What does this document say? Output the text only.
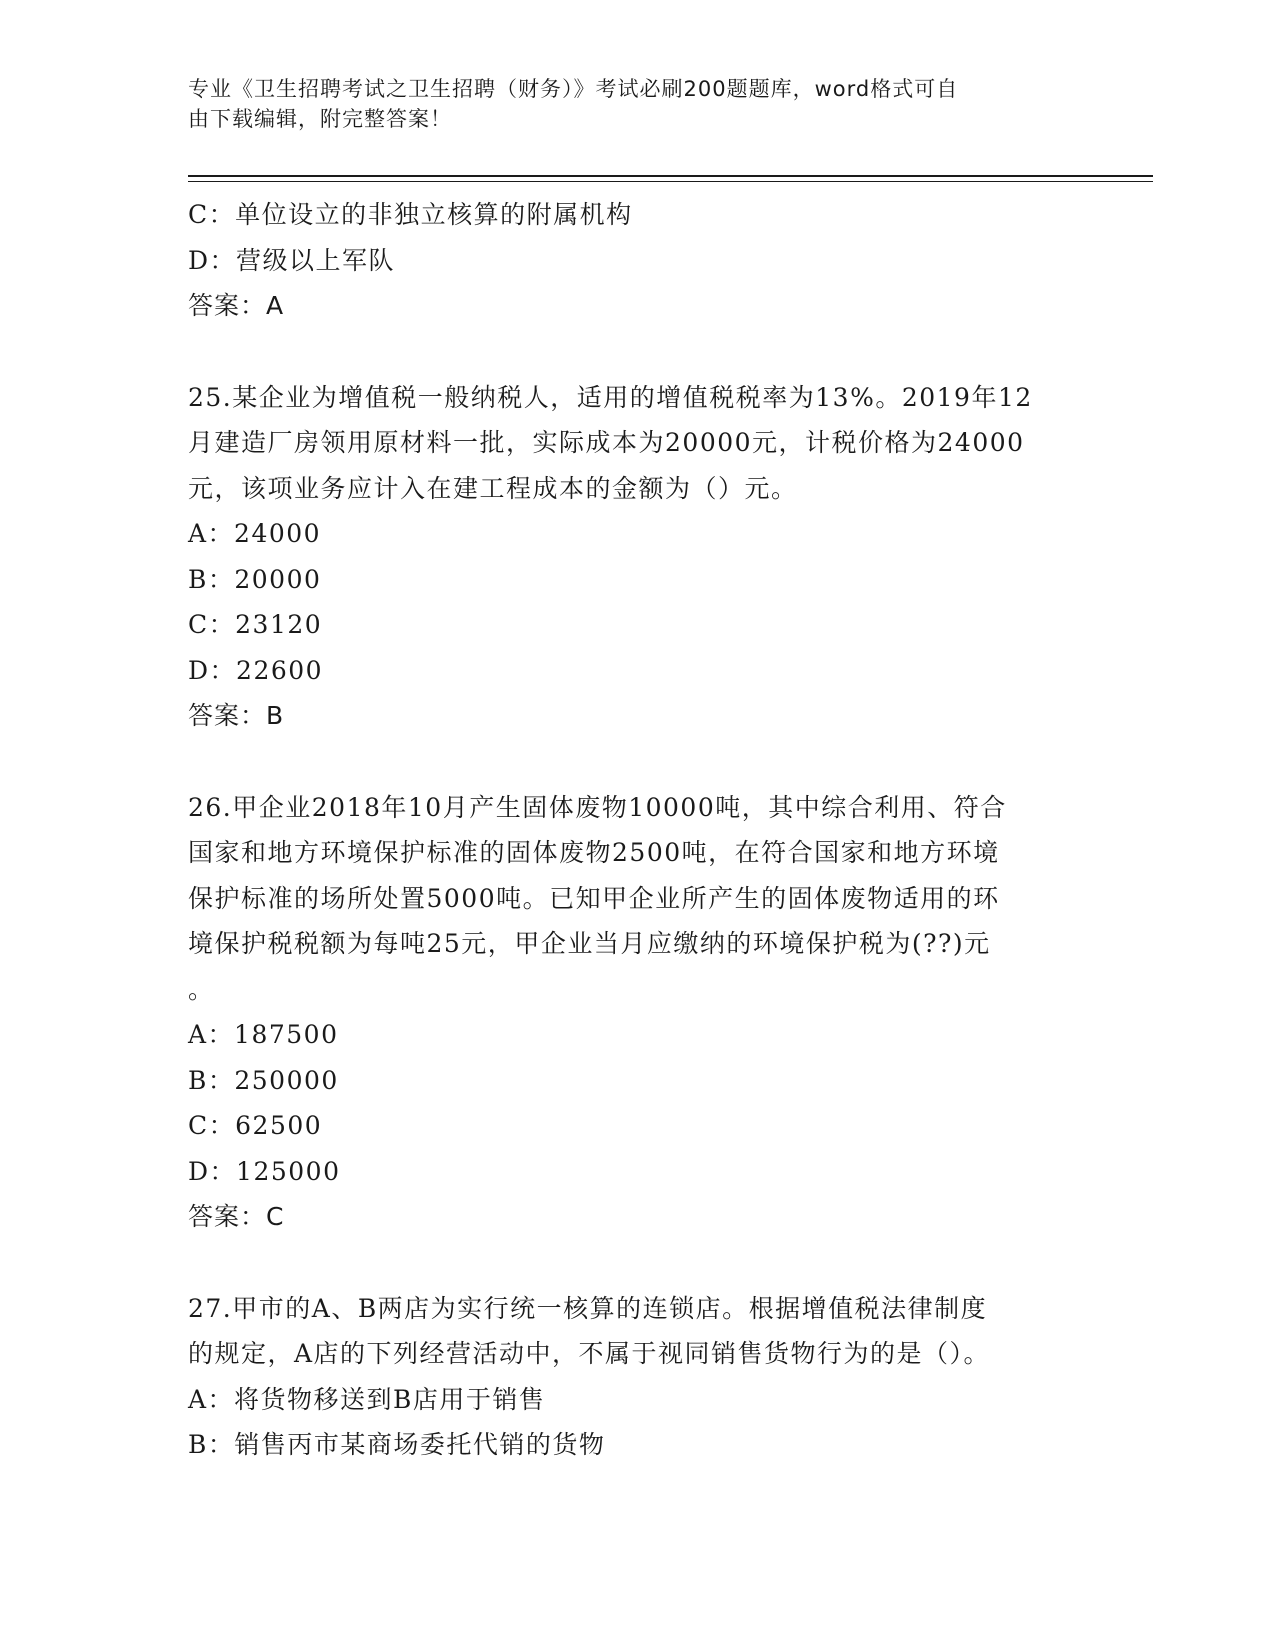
专业《卫生招聘考试之卫生招聘（财务）》考试必刷200题题库，word格式可自
由下载编辑，附完整答案！
C：单位设立的非独立核算的附属机构
D：营级以上军队
答案：A
25.某企业为增值税一般纳税人，适用的增值税税率为13%。2019年12
月建造厂房领用原材料一批，实际成本为20000元，计税价格为24000
元，该项业务应计入在建工程成本的金额为（）元。
A：24000
B：20000
C：23120
D：22600
答案：B
26.甲企业2018年10月产生固体废物10000吨，其中综合利用、符合
国家和地方环境保护标准的固体废物2500吨，在符合国家和地方环境
保护标准的场所处置5000吨。已知甲企业所产生的固体废物适用的环
境保护税税额为每吨25元，甲企业当月应缴纳的环境保护税为(??)元
。
A：187500
B：250000
C：62500
D：125000
答案：C
27.甲市的A、B两店为实行统一核算的连锁店。根据增值税法律制度
的规定，A店的下列经营活动中，不属于视同销售货物行为的是（）。
A：将货物移送到B店用于销售
B：销售丙市某商场委托代销的货物
